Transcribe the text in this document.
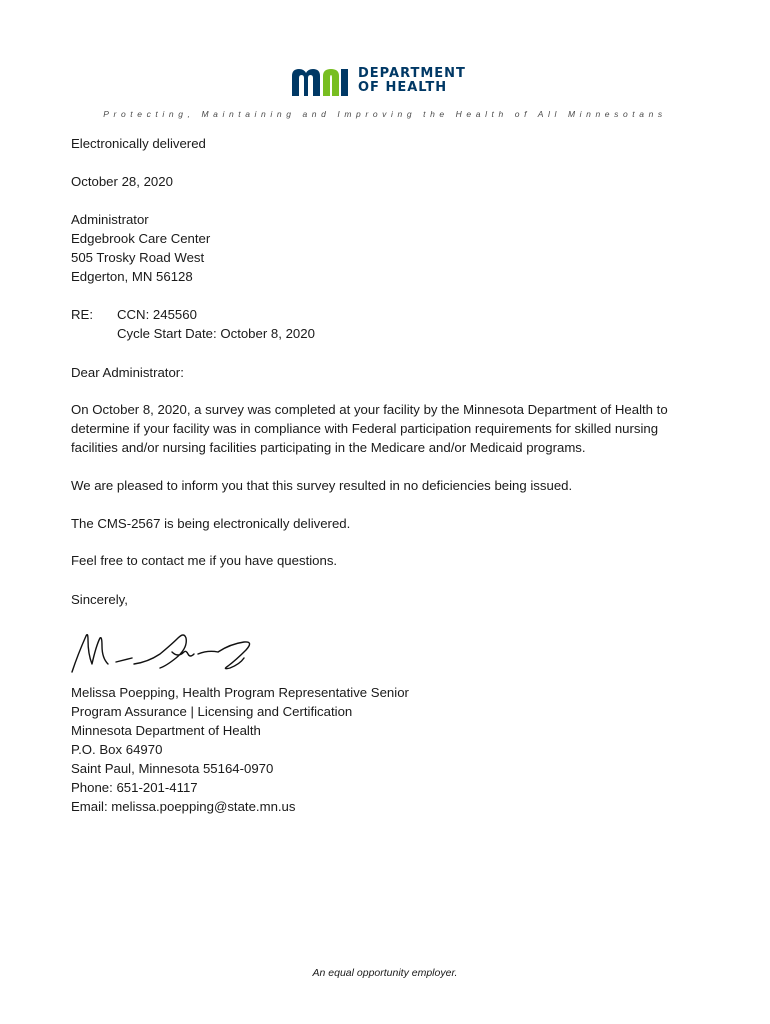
DEPARTMENT
OF HEALTH
Protecting, Maintaining and Improving the Health of All Minnesotans
Electronically delivered
October 28, 2020
Administrator
Edgebrook Care Center
505 Trosky Road West
Edgerton, MN 56128
RE: CCN: 245560
Cycle Start Date: October 8, 2020
Dear Administrator:
On October 8, 2020, a survey was completed at your facility by the Minnesota Department of Health to determine if your facility was in compliance with Federal participation requirements for skilled nursing facilities and/or nursing facilities participating in the Medicare and/or Medicaid programs.
We are pleased to inform you that this survey resulted in no deficiencies being issued.
The CMS-2567 is being electronically delivered.
Feel free to contact me if you have questions.
Sincerely,
Melissa Poepping, Health Program Representative Senior
Program Assurance | Licensing and Certification
Minnesota Department of Health
P.O. Box 64970
Saint Paul, Minnesota 55164-0970
Phone: 651-201-4117
Email: melissa.poepping@state.mn.us
An equal opportunity employer.
